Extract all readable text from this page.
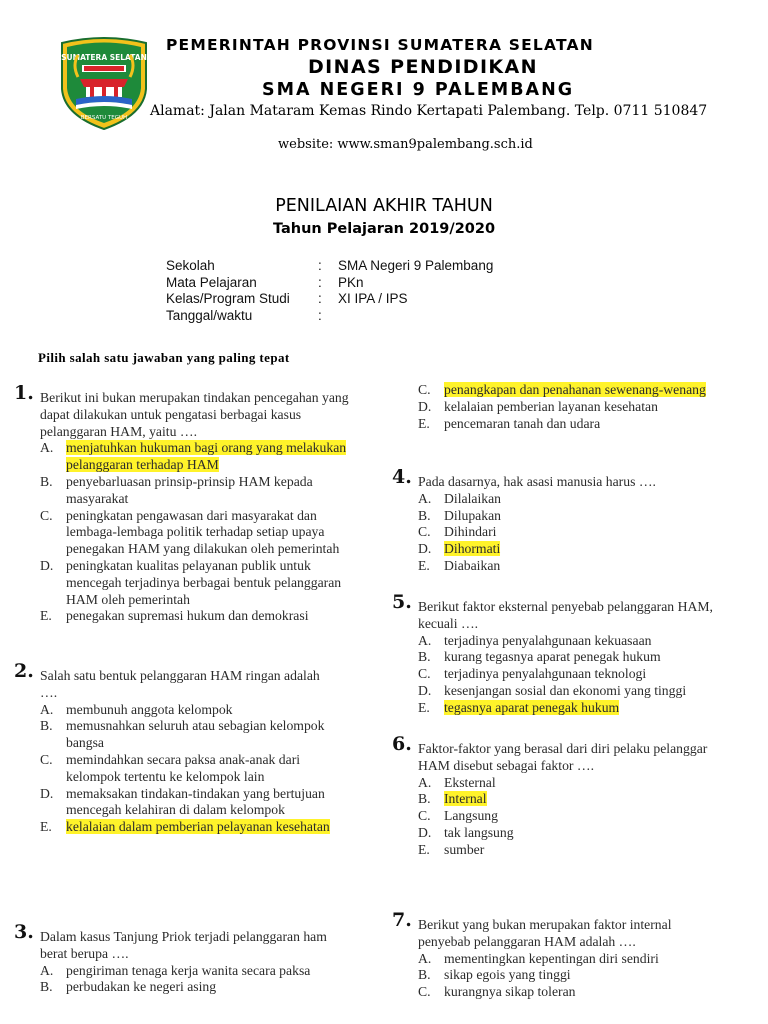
SUMATERA SELATAN
BERSATU TEGUH
PEMERINTAH PROVINSI SUMATERA SELATAN
DINAS PENDIDIKAN
SMA NEGERI 9 PALEMBANG
Alamat: Jalan Mataram Kemas Rindo Kertapati Palembang. Telp. 0711 510847
website: www.sman9palembang.sch.id
PENILAIAN AKHIR TAHUN
Tahun Pelajaran 2019/2020
Sekolah	:	SMA Negeri 9 Palembang
Mata Pelajaran	:	PKn
Kelas/Program Studi	:	XI IPA / IPS
Tanggal/waktu	:
Pilih salah satu jawaban yang paling tepat
1. Berikut ini bukan merupakan tindakan pencegahan yang dapat dilakukan untuk pengatasi berbagai kasus pelanggaran HAM, yaitu ….
A. menjatuhkan hukuman bagi orang yang melakukan pelanggaran terhadap HAM
B. penyebarluasan prinsip-prinsip HAM kepada masyarakat
C. peningkatan pengawasan dari masyarakat dan lembaga-lembaga politik terhadap setiap upaya penegakan HAM yang dilakukan oleh pemerintah
D. peningkatan kualitas pelayanan publik untuk mencegah terjadinya berbagai bentuk pelanggaran HAM oleh pemerintah
E.	penegakan supremasi hukum dan demokrasi
2. Salah satu bentuk pelanggaran HAM ringan adalah ….
A. membunuh anggota kelompok
B. memusnahkan seluruh atau sebagian kelompok bangsa
C. memindahkan secara paksa anak-anak dari kelompok tertentu ke kelompok lain
D. memaksakan tindakan-tindakan yang bertujuan mencegah kelahiran di dalam kelompok
E.	kelalaian dalam pemberian pelayanan kesehatan
3. Dalam kasus Tanjung Priok terjadi pelanggaran ham berat berupa ….
A. pengiriman tenaga kerja wanita secara paksa
B. perbudakan ke negeri asing
C. penangkapan dan penahanan sewenang-wenang
D. kelalaian pemberian layanan kesehatan
E.	pencemaran tanah dan udara
4. Pada dasarnya, hak asasi manusia harus ….
A. Dilalaikan
B. Dilupakan
C. Dihindari
D. Dihormati
E.	Diabaikan
5. Berikut faktor eksternal penyebab pelanggaran HAM, kecuali ….
A. terjadinya penyalahgunaan kekuasaan
B. kurang tegasnya aparat penegak hukum
C. terjadinya penyalahgunaan teknologi
D. kesenjangan sosial dan ekonomi yang tinggi
E.	tegasnya aparat penegak hukum
6. Faktor-faktor yang berasal dari diri pelaku pelanggar HAM disebut sebagai faktor ….
A. Eksternal
B. Internal
C. Langsung
D. tak langsung
E.	sumber
7. Berikut yang bukan merupakan faktor internal penyebab pelanggaran HAM adalah ….
A. mementingkan kepentingan diri sendiri
B. sikap egois yang tinggi
C. kurangnya sikap toleran
